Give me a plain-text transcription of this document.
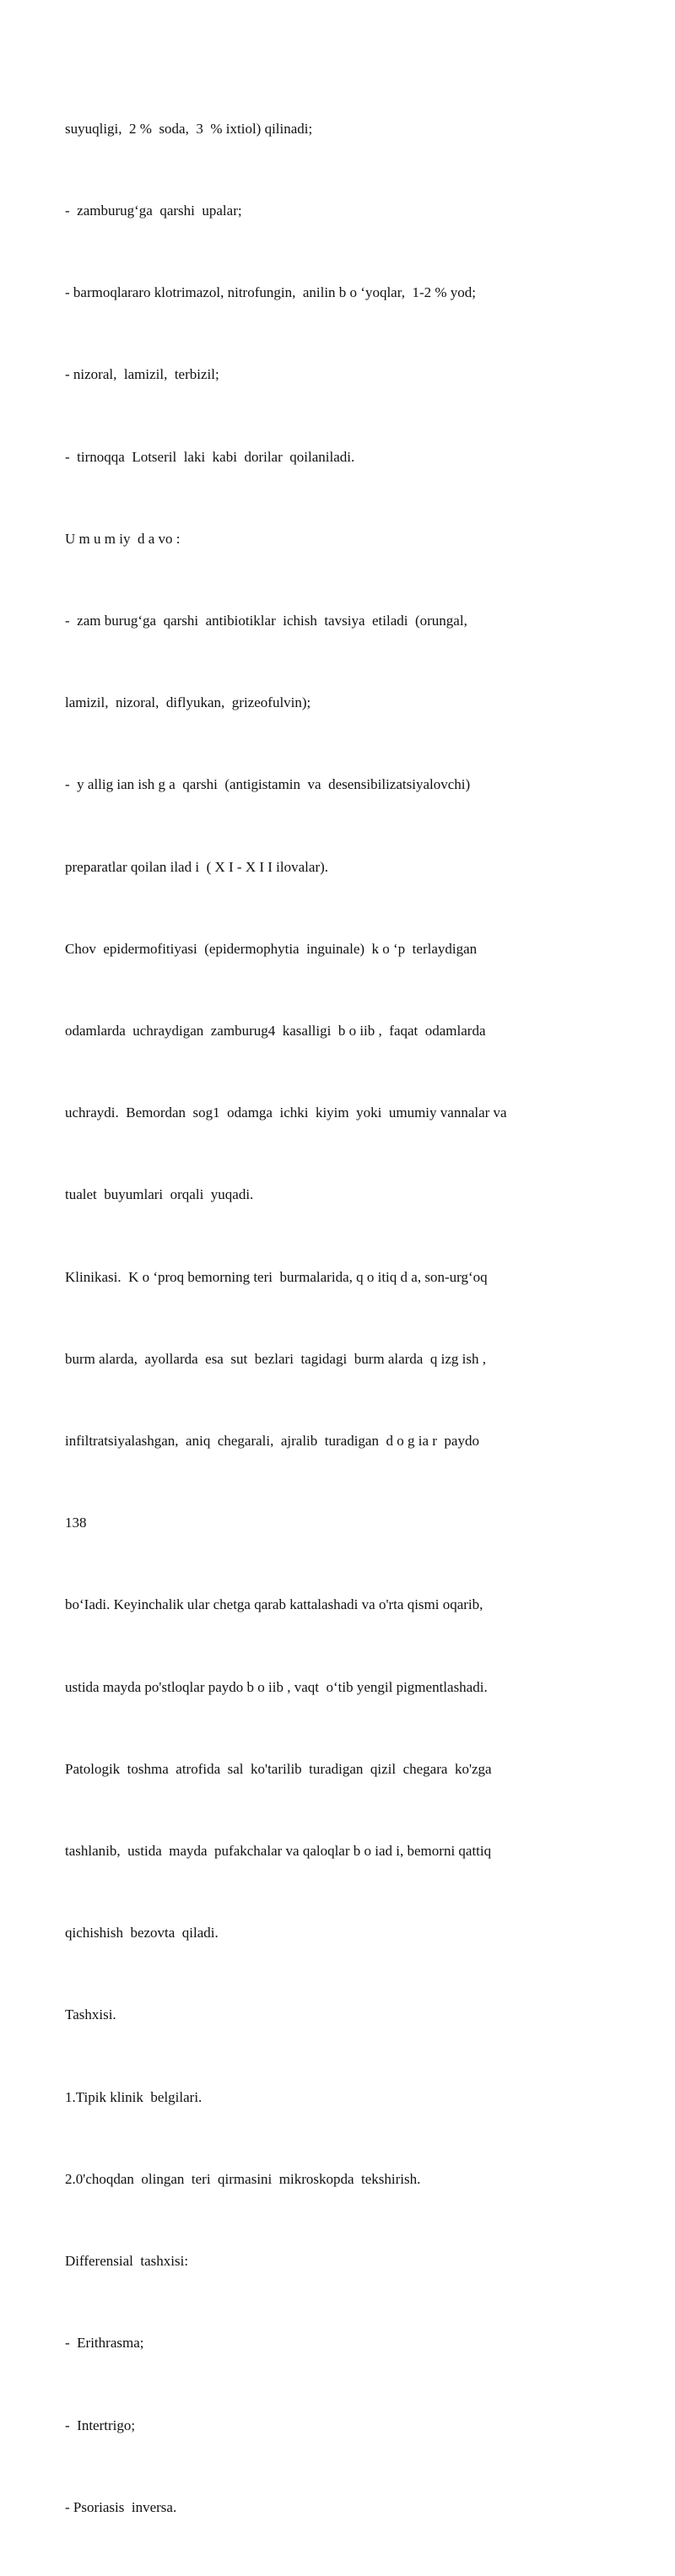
suyuqligi,  2 %  soda,  3  % ixtiol) qilinadi;

-  zamburug‘ga  qarshi  upalar;

- barmoqlararo klotrimazol, nitrofungin,  anilin b o ‘yoqlar,  1-2 % yod;

- nizoral,  lamizil,  terbizil;

-  tirnoqqa  Lotseril  laki  kabi  dorilar  qoilaniladi.

U m u m iy  d a vo :

-  zam burug‘ga  qarshi  antibiotiklar  ichish  tavsiya  etiladi  (orungal,

lamizil,  nizoral,  diflyukan,  grizeofulvin);

-  y allig ian ish g a  qarshi  (antigistamin  va  desensibilizatsiyalovchi)

preparatlar qoilan ilad i  ( X I - X I I ilovalar).

Chov  epidermofitiyasi  (epidermophytia  inguinale)  k o ‘p  terlaydigan

odamlarda  uchraydigan  zamburug4  kasalligi  b o iib ,  faqat  odamlarda

uchraydi.  Bemordan  sog1  odamga  ichki  kiyim  yoki  umumiy vannalar va

tualet  buyumlari  orqali  yuqadi.

Klinikasi.  K o ‘proq bemorning teri  burmalarida, q o itiq d a, son-urg‘oq

burm alarda,  ayollarda  esa  sut  bezlari  tagidagi  burm alarda  q izg ish ,

infiltratsiyalashgan,  aniq  chegarali,  ajralib  turadigan  d o g ia r  paydo

138

bo‘Iadi. Keyinchalik ular chetga qarab kattalashadi va o'rta qismi oqarib,

ustida mayda po'stloqlar paydo b o iib , vaqt  o‘tib yengil pigmentlashadi.

Patologik  toshma  atrofida  sal  ko'tarilib  turadigan  qizil  chegara  ko'zga

tashlanib,  ustida  mayda  pufakchalar va qaloqlar b o iad i, bemorni qattiq

qichishish  bezovta  qiladi.

Tashxisi.

1.Tipik klinik  belgilari.

2.0'choqdan  olingan  teri  qirmasini  mikroskopda  tekshirish.

Differensial  tashxisi:

-  Erithrasma;

-  Intertrigo;

- Psoriasis  inversa.
